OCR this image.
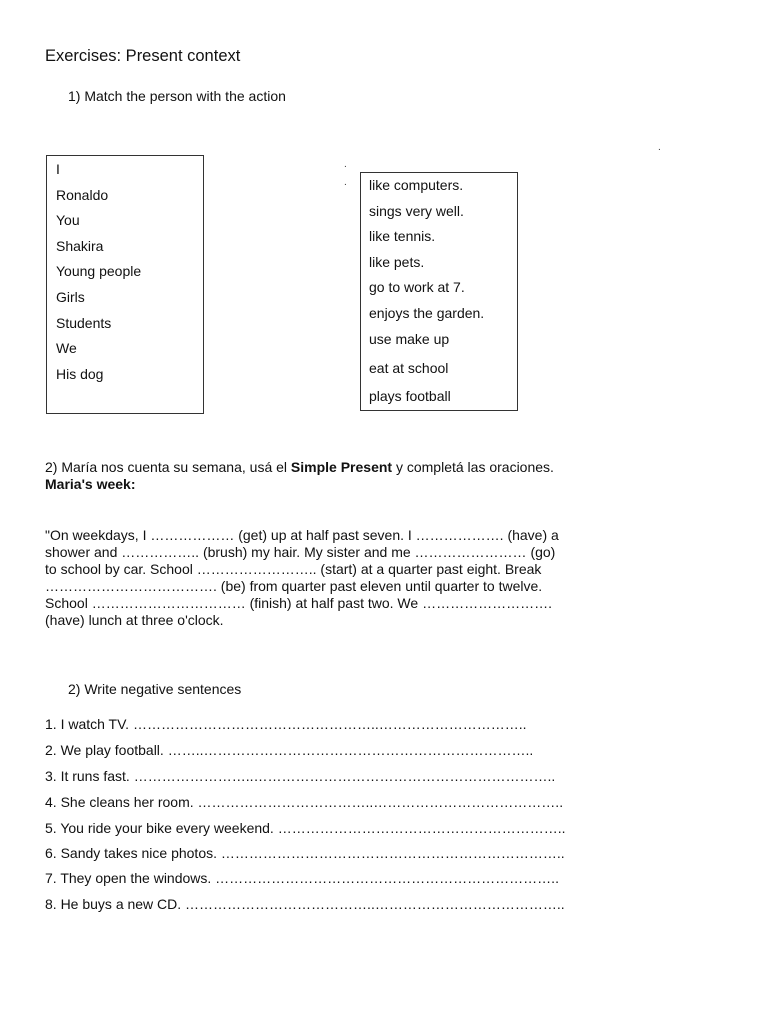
Exercises: Present context
1) Match the person with the action
I
Ronaldo
You
Shakira
Young people
Girls
Students
We
His dog
.
.
.
like computers.
sings very well.
like tennis.
like pets.
go to work at 7.
enjoys the garden.
use make up
eat at school
plays football
2) María nos cuenta su semana, usá el Simple Present y completá las oraciones.
Maria's week:
"On weekdays, I ……………… (get) up at half past seven. I ………………. (have) a
shower and …………….. (brush) my hair. My sister and me …………………… (go)
to school by car. School …………………….. (start) at a quarter past eight. Break
………………………………. (be) from quarter past eleven until quarter to twelve.
School …………………………… (finish) at half past two. We ……………………….
(have) lunch at three o'clock.
2) Write negative sentences
1. I watch TV. ……………………………………………..…………………………..
2. We play football. ……..……………………………………………………………..
3. It runs fast. ……………………..………………………………………………………..
4. She cleans her room. ………………………………..…………………………………..
5. You ride your bike every weekend. ……………………………………………………..
6. Sandy takes nice photos. ………………………………………………………………..
7. They open the windows. ………………………………………………………………..
8. He buys a new CD. …………………………………..…………………………………..
